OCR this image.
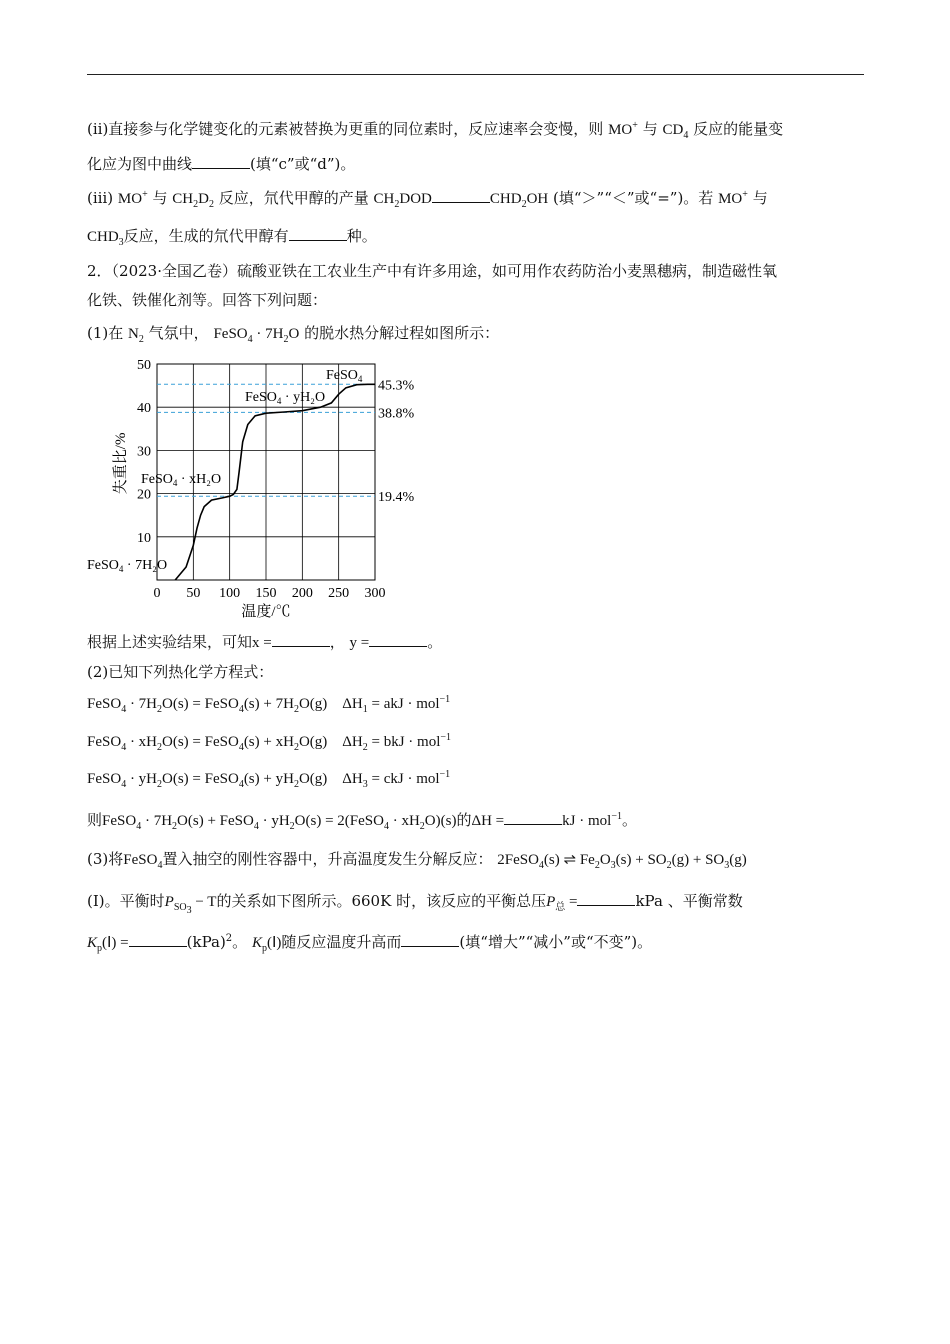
(ⅱ)直接参与化学键变化的元素被替换为更重的同位素时，反应速率会变慢，则 MO+ 与 $CD_4$ 反应的能量变
化应为图中曲线	(填“c”或“d”)。
(ⅲ) MO+ 与 $CH_2D_2$ 反应，氘代甲醇的产量 $CH_2DOD$	$CHD_2OH$ (填“＞”“＜”或“=”)。若 MO+ 与
$CHD_3$反应，生成的氘代甲醇有	种。
2．（2023·全国乙卷）硫酸亚铁在工农业生产中有许多用途，如可用作农药防治小麦黑穗病，制造磁性氧
化铁、铁催化剂等。回答下列问题：
(1)在 $N_2$ 气氛中， FeSO$_4$ · $7H_2O$ 的脱水热分解过程如图所示：
45.3%
38.8%
19.4%
0 50 100 150 200 250 300
10
20
30
40
50
温度/℃
失重比/%
FeSO$_4$
FeSO$_4$ · yH₂O
FeSO$_4$ · xH₂O
FeSO$_4$ · 7H₂O
根据上述实验结果，可知x =	， y =	。
(2)已知下列热化学方程式：
FeSO$_4$ · $7H_2O(s)$ = FeSO$_4$(s) + $7H_2O(g)$    $\Delta H_1$ = akJ · mol$^{-1}$
FeSO$_4$ · $xH_2O(s)$ = FeSO$_4$(s) + $xH_2O(g)$    $\Delta H_2$ = bkJ · mol$^{-1}$
FeSO$_4$ · $yH_2O(s)$ = FeSO$_4$(s) + $yH_2O(g)$    $\Delta H_3$ = ckJ · mol$^{-1}$
则FeSO$_4$ · $7H_2O(s)$ + FeSO$_4$ · $yH_2O(s)$ = 2(FeSO$_4$ · $xH_2O)(s)$的ΔH =	kJ · mol$^{-1}$。
(3)将FeSO$_4$置入抽空的刚性容器中，升高温度发生分解反应： 2FeSO$_4$(s) ⇌ $Fe_2O_3(s) + SO_2(g) + SO_3(g)$
(Ⅰ)。平衡时$P_{SO_3} - T$的关系如下图所示。660K 时，该反应的平衡总压$P_总$ =	kPa 、平衡常数
$K_p(Ⅰ)$ =	(kPa)$^2$。 $K_p(Ⅰ)$随反应温度升高而	(填“增大”“减小”或“不变”)。
